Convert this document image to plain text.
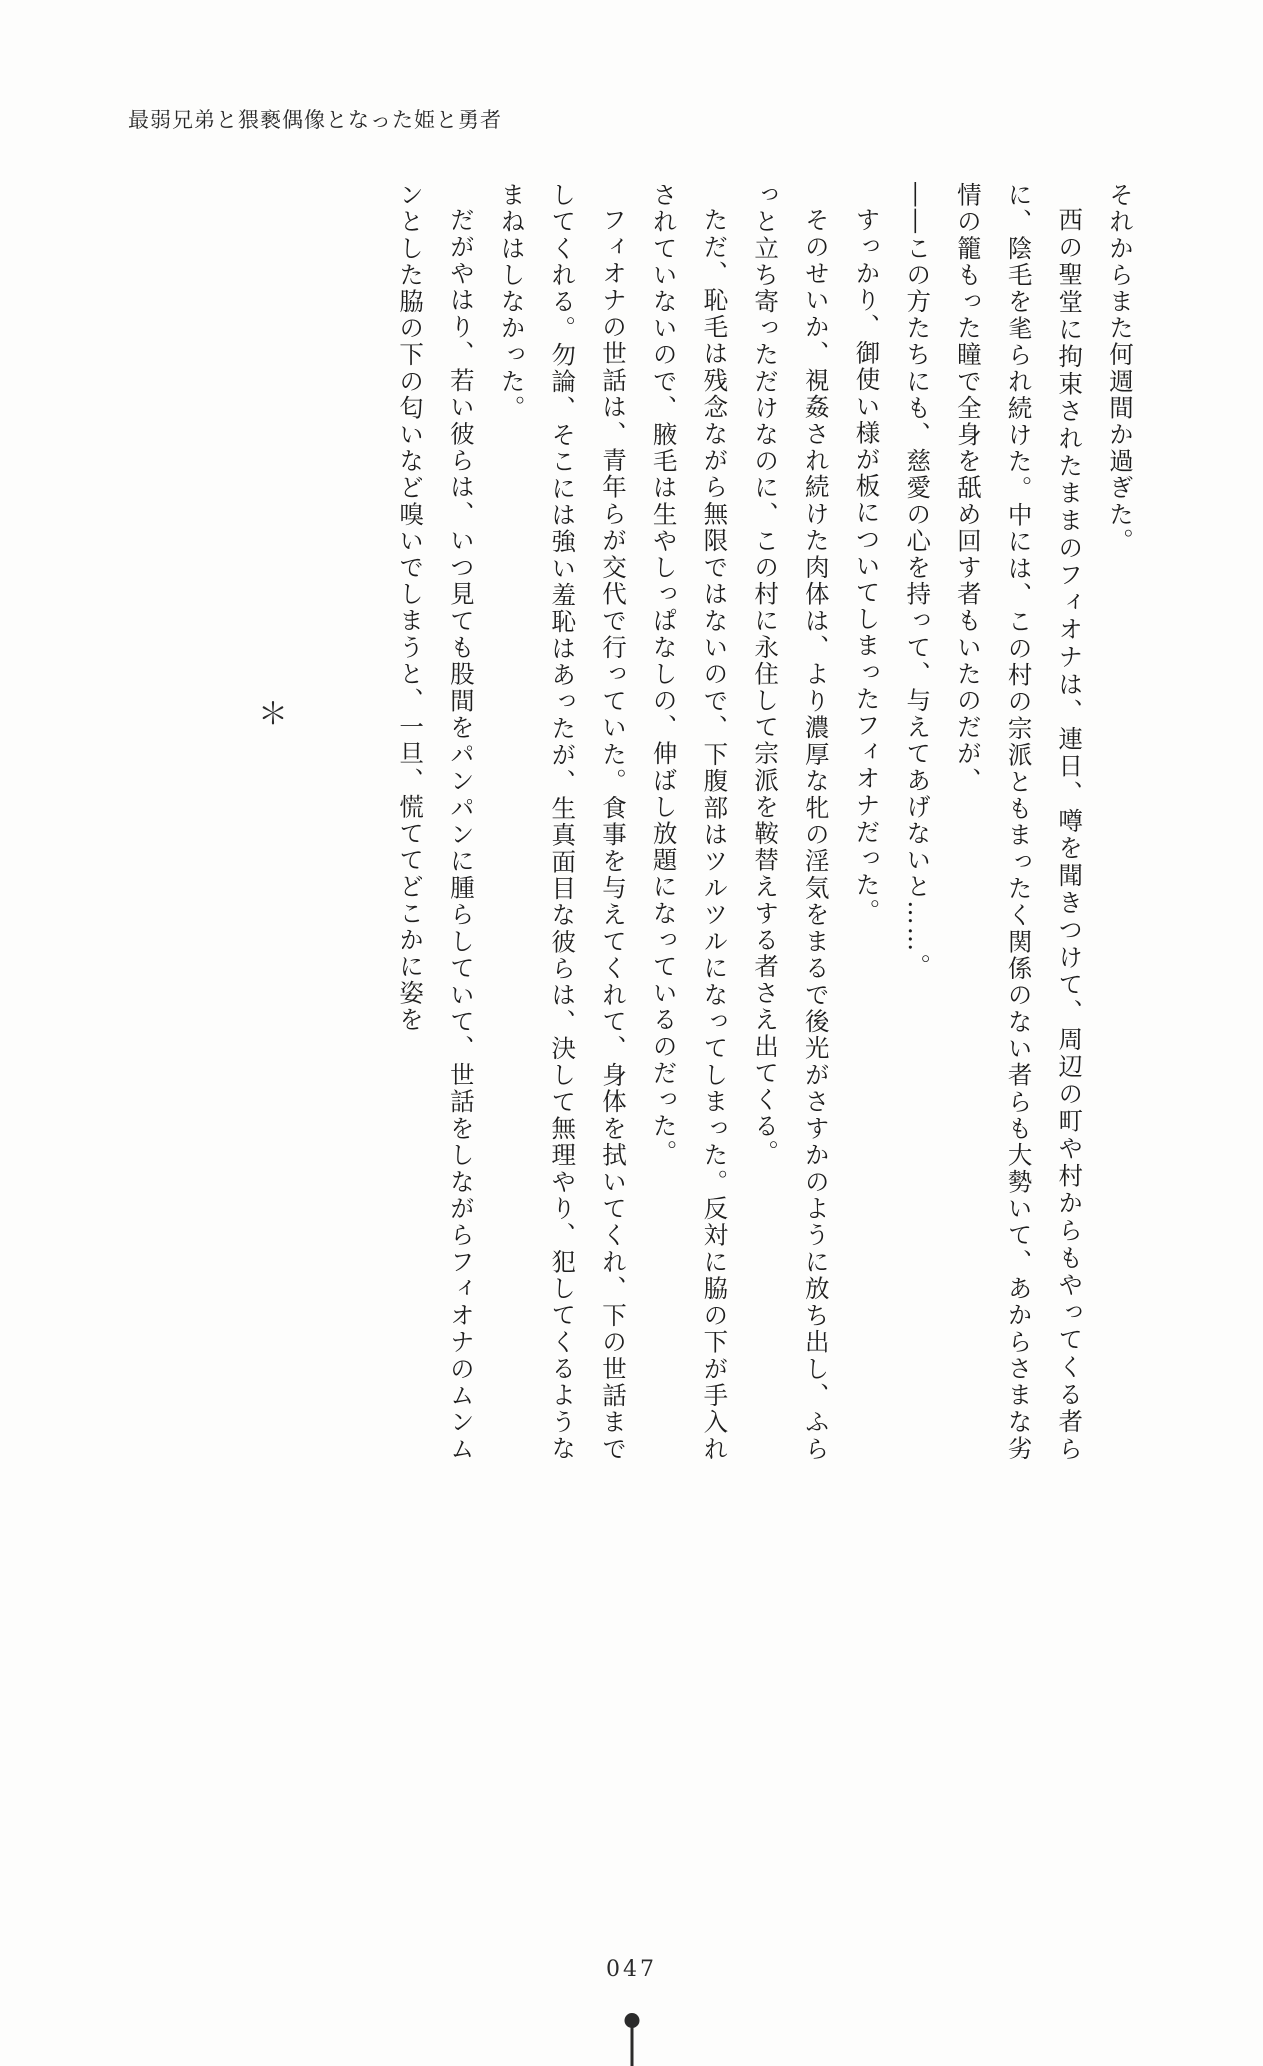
最弱兄弟と猥褻偶像となった姫と勇者
＊

それからまた何週間か過ぎた。

西の聖堂に拘束されたままのフィオナは、連日、噂を聞きつけて、周辺の町や村からもやってくる者らに、陰毛を毟られ続けた。中には、この村の宗派ともまったく関係のない者らも大勢いて、あからさまな劣情の籠もった瞳で全身を舐め回す者もいたのだが、

――この方たちにも、慈愛の心を持って、与えてあげないと……。

すっかり、御使い様が板についてしまったフィオナだった。

そのせいか、視姦され続けた肉体は、より濃厚な牝の淫気をまるで後光がさすかのように放ち出し、ふらっと立ち寄っただけなのに、この村に永住して宗派を鞍替えする者さえ出てくる。

ただ、恥毛は残念ながら無限ではないので、下腹部はツルツルになってしまった。反対に脇の下が手入れされていないので、腋毛は生やしっぱなしの、伸ばし放題になっているのだった。

フィオナの世話は、青年らが交代で行っていた。食事を与えてくれて、身体を拭いてくれ、下の世話までしてくれる。勿論、そこには強い羞恥はあったが、生真面目な彼らは、決して無理やり、犯してくるようなまねはしなかった。

だがやはり、若い彼らは、いつ見ても股間をパンパンに腫らしていて、世話をしながらフィオナのムンムンとした脇の下の匂いなど嗅いでしまうと、一旦、慌ててどこかに姿を

047
